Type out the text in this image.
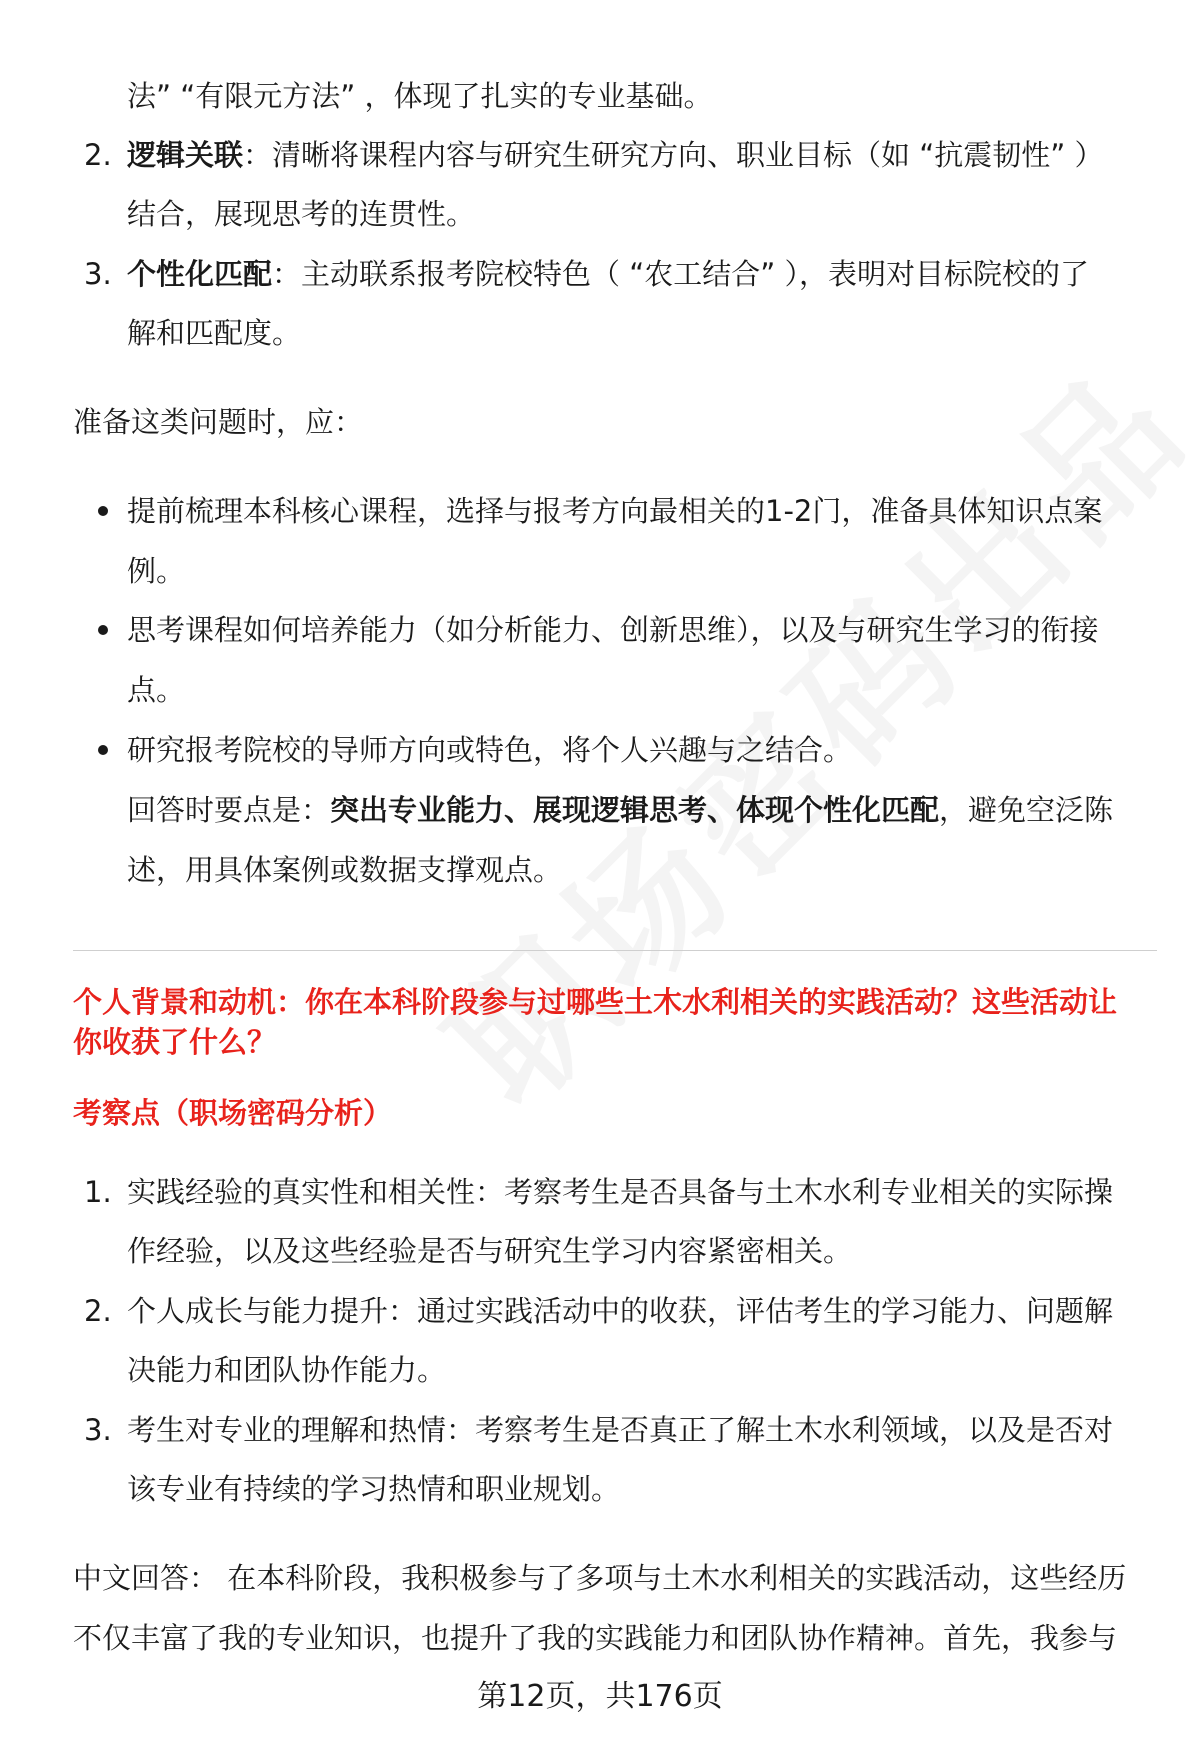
法” “有限元方法” ，体现了扎实的专业基础。
2. 逻辑关联：清晰将课程内容与研究生研究方向、职业目标（如 “抗震韧性” ）
结合，展现思考的连贯性。
3. 个性化匹配：主动联系报考院校特色（ “农工结合” ），表明对目标院校的了
解和匹配度。
准备这类问题时，应：
提前梳理本科核心课程，选择与报考方向最相关的1-2门，准备具体知识点案
例。
思考课程如何培养能力（如分析能力、创新思维），以及与研究生学习的衔接
点。
研究报考院校的导师方向或特色，将个人兴趣与之结合。
回答时要点是：突出专业能力、展现逻辑思考、体现个性化匹配，避免空泛陈
述，用具体案例或数据支撑观点。
个人背景和动机：你在本科阶段参与过哪些土木水利相关的实践活动？这些活动让
你收获了什么？
考察点（职场密码分析）
1. 实践经验的真实性和相关性：考察考生是否具备与土木水利专业相关的实际操
作经验，以及这些经验是否与研究生学习内容紧密相关。
2. 个人成长与能力提升：通过实践活动中的收获，评估考生的学习能力、问题解
决能力和团队协作能力。
3. 考生对专业的理解和热情：考察考生是否真正了解土木水利领域，以及是否对
该专业有持续的学习热情和职业规划。
中文回答： 在本科阶段，我积极参与了多项与土木水利相关的实践活动，这些经历
不仅丰富了我的专业知识，也提升了我的实践能力和团队协作精神。首先，我参与
第12页，共176页
